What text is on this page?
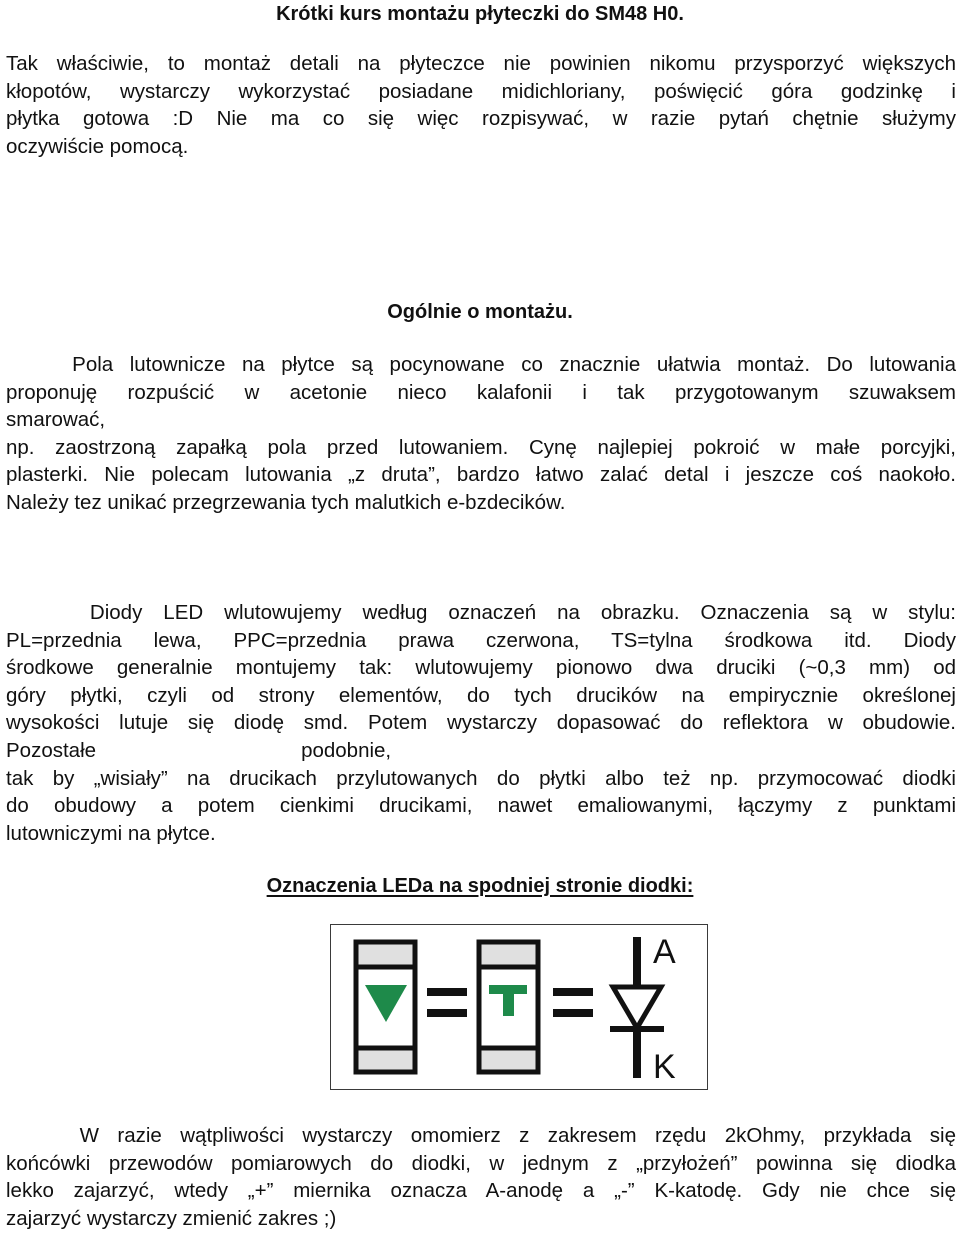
Krótki kurs montażu płyteczki do SM48 H0.
Tak właściwie, to montaż detali na płyteczce nie powinien nikomu przysporzyć większych
kłopotów, wystarczy wykorzystać posiadane midichloriany, poświęcić góra godzinkę i
płytka gotowa :D Nie ma co się więc rozpisywać, w razie pytań chętnie służymy
oczywiście pomocą.
Ogólnie o montażu.
Pola lutownicze na płytce są pocynowane co znacznie ułatwia montaż. Do lutowania
proponuję rozpuścić w acetonie nieco kalafonii i tak przygotowanym szuwaksem
smarować,
np. zaostrzoną zapałką pola przed lutowaniem. Cynę najlepiej pokroić w małe porcyjki,
plasterki. Nie polecam lutowania „z druta”, bardzo łatwo zalać detal i jeszcze coś naokoło.
Należy tez unikać przegrzewania tych malutkich e-bzdecików.
Diody LED wlutowujemy według oznaczeń na obrazku. Oznaczenia są w stylu:
PL=przednia lewa, PPC=przednia prawa czerwona, TS=tylna środkowa itd. Diody
środkowe generalnie montujemy tak: wlutowujemy pionowo dwa druciki (~0,3 mm) od
góry płytki, czyli od strony elementów, do tych drucików na empirycznie określonej
wysokości lutuje się diodę smd. Potem wystarczy dopasować do reflektora w obudowie.
Pozostałe                                    podobnie,
tak by „wisiały” na drucikach przylutowanych do płytki albo też np. przymocować diodki
do obudowy a potem cienkimi drucikami, nawet emaliowanymi, łączymy z punktami
lutowniczymi na płytce.
Oznaczenia LEDa na spodniej stronie diodki:
A
K
W razie wątpliwości wystarczy omomierz z zakresem rzędu 2kOhmy, przykłada się
końcówki przewodów pomiarowych do diodki, w jednym z „przyłożeń” powinna się diodka
lekko zajarzyć, wtedy „+” miernika oznacza A-anodę a „-” K-katodę. Gdy nie chce się
zajarzyć wystarczy zmienić zakres ;)
